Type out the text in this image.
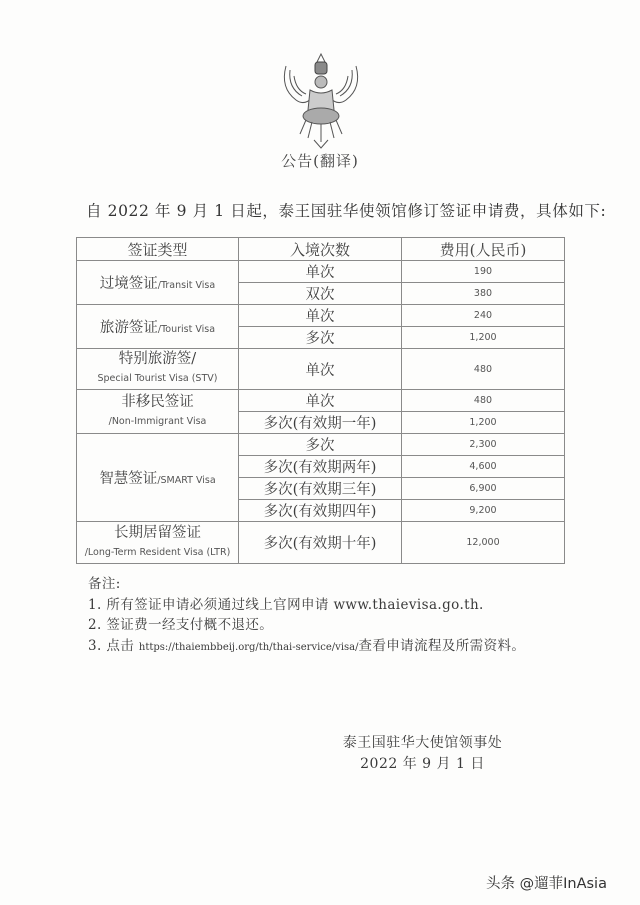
公告(翻译)
自 2022 年 9 月 1 日起，泰王国驻华使领馆修订签证申请费，具体如下:
签证类型	入境次数	费用(人民币)
过境签证/Transit Visa	单次	190
	双次	380
旅游签证/Tourist Visa	单次	240
	多次	1,200

特别旅游签/
Special Tourist Visa (STV)	单次	480

非移民签证
/Non-Immigrant Visa	单次	480
	多次(有效期一年)	1,200
智慧签证/SMART Visa	多次	2,300
	多次(有效期两年)	4,600
	多次(有效期三年)	6,900
	多次(有效期四年)	9,200

长期居留签证
/Long-Term Resident Visa (LTR)	多次(有效期十年)	12,000
备注:
1. 所有签证申请必须通过线上官网申请 www.thaievisa.go.th.
2. 签证费一经支付概不退还。
3. 点击 https://thaiembbeij.org/th/thai-service/visa/查看申请流程及所需资料。
泰王国驻华大使馆领事处
2022 年 9 月 1 日
头条 @遛菲InAsia
